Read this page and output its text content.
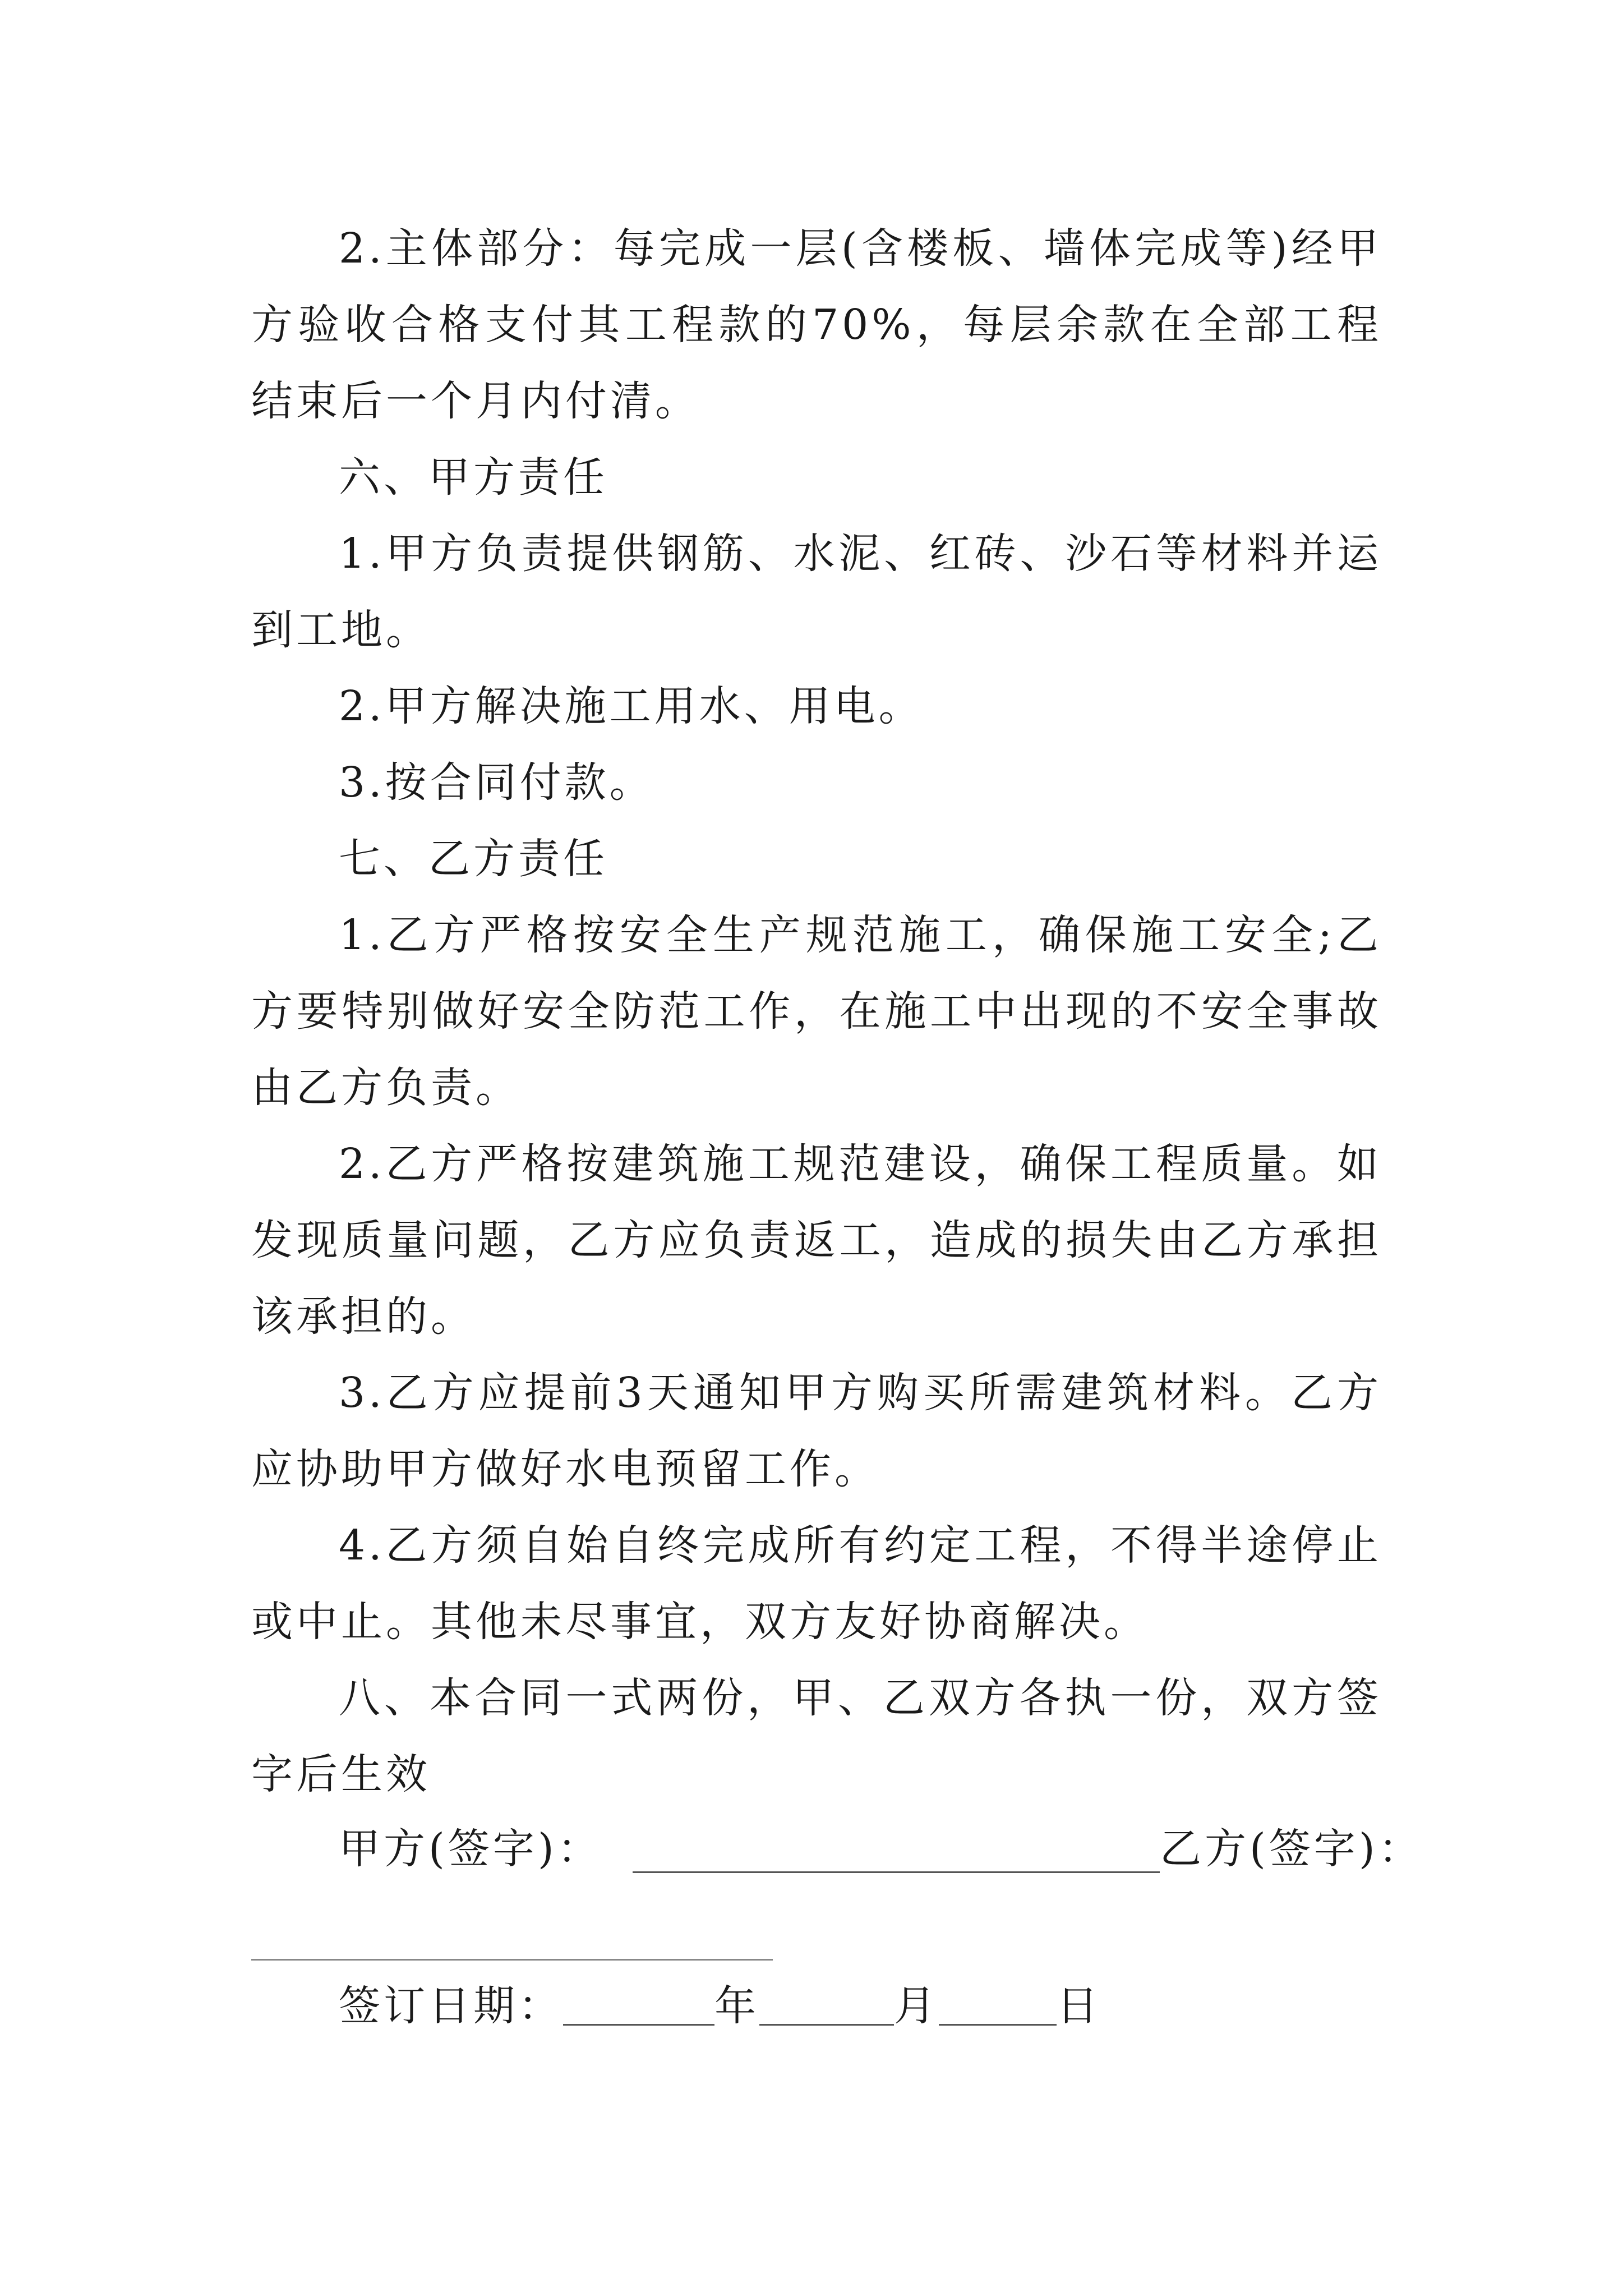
2.主体部分：每完成一层(含楼板、墙体完成等)经甲方验收合格支付其工程款的70%，每层余款在全部工程结束后一个月内付清。

六、甲方责任

1.甲方负责提供钢筋、水泥、红砖、沙石等材料并运到工地。

2.甲方解决施工用水、用电。

3.按合同付款。

七、乙方责任

1.乙方严格按安全生产规范施工，确保施工安全;乙方要特别做好安全防范工作，在施工中出现的不安全事故由乙方负责。

2.乙方严格按建筑施工规范建设，确保工程质量。如发现质量问题，乙方应负责返工，造成的损失由乙方承担该承担的。

3.乙方应提前3天通知甲方购买所需建筑材料。乙方应协助甲方做好水电预留工作。

4.乙方须自始自终完成所有约定工程，不得半途停止或中止。其他未尽事宜，双方友好协商解决。

八、本合同一式两份，甲、乙双方各执一份，双方签字后生效

甲方(签字)：	乙方(签字)：
签订日期：	年	月	日
